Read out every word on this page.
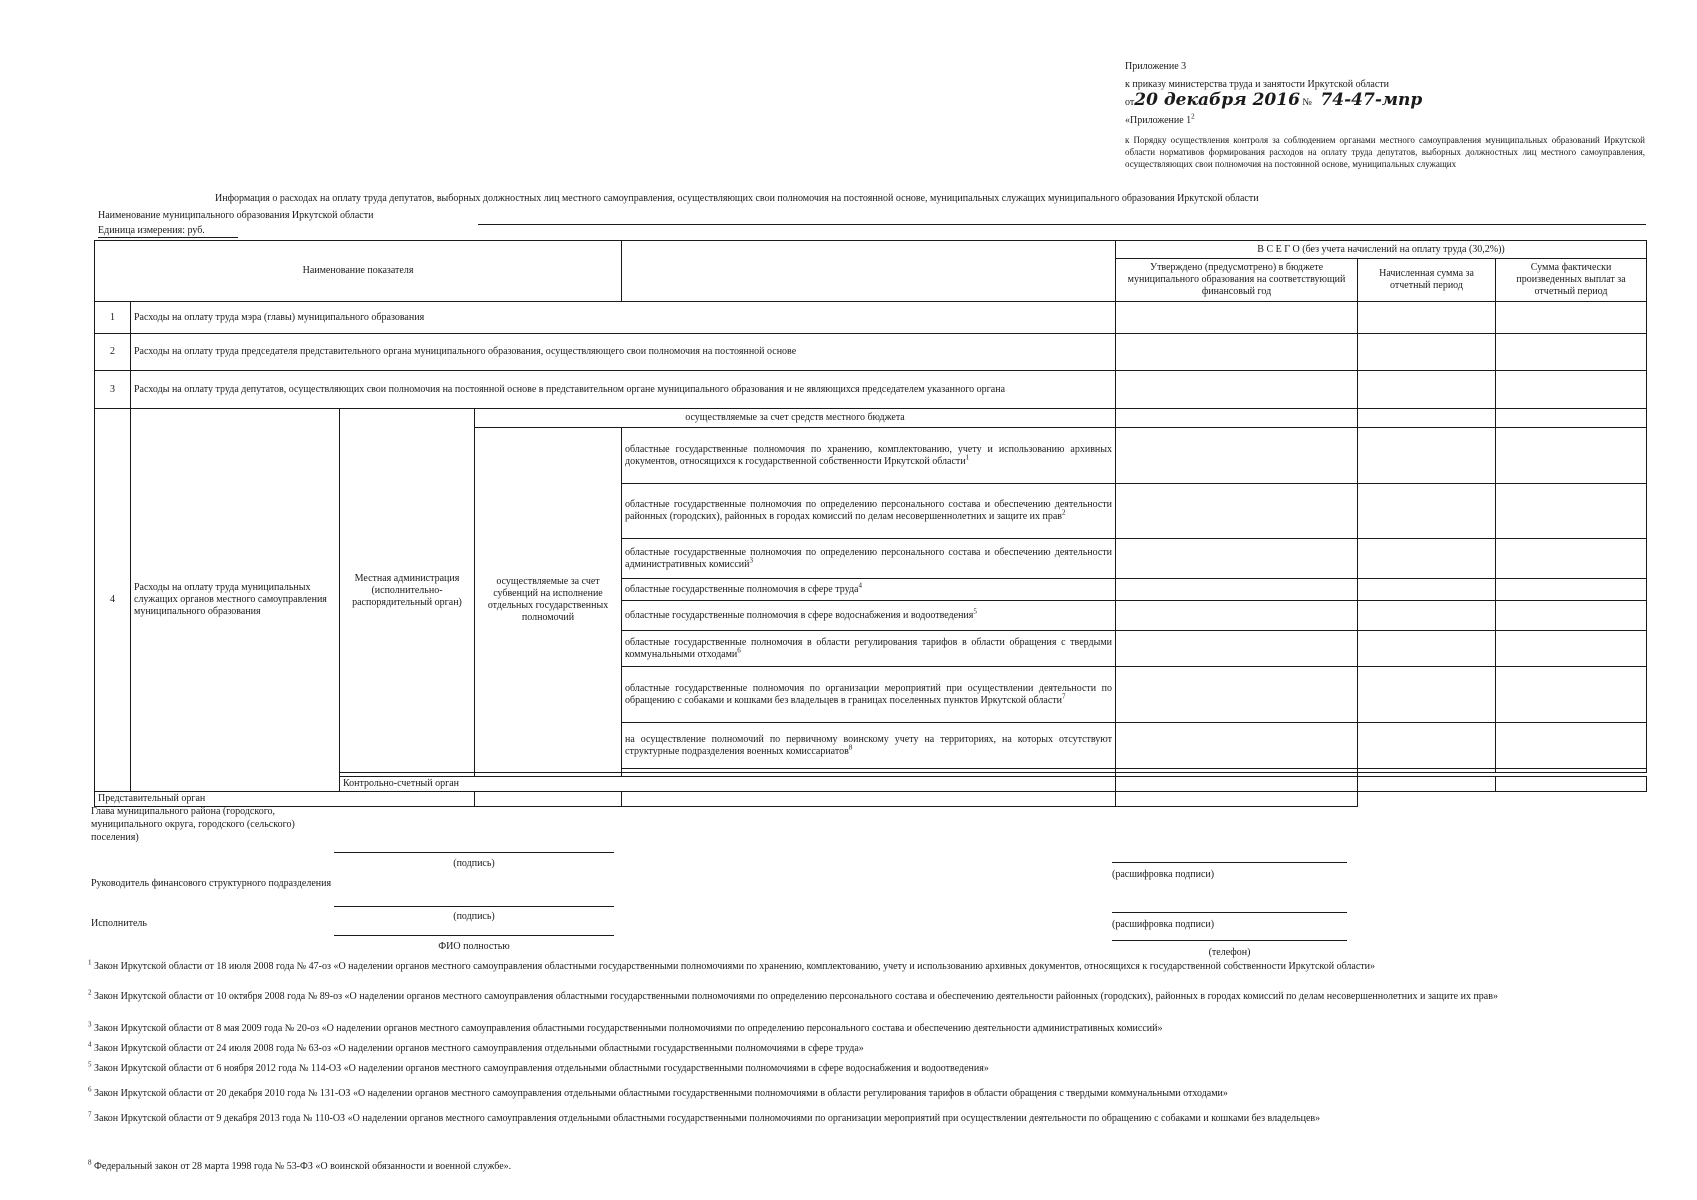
Приложение 3
к приказу министерства труда и занятости Иркутской области
от20 декабря 2016 № 74-47-мпр
«Приложение $1^2$
к Порядку осуществления контроля за соблюдением органами местного самоуправления муниципальных образований Иркутской области нормативов формирования расходов на оплату труда депутатов, выборных должностных лиц местного самоуправления, осуществляющих свои полномочия на постоянной основе, муниципальных служащих
Информация о расходах на оплату труда депутатов, выборных должностных лиц местного самоуправления, осуществляющих свои полномочия на постоянной основе, муниципальных служащих муниципального образования Иркутской области
Наименование муниципального образования Иркутской области
Единица измерения: руб.
Наименование показателя					В С Е Г О (без учета начислений на оплату труда (30,2%))		
					Утверждено (предусмотрено) в бюджете муниципального образования на соответствующий финансовый год	Начисленная сумма за отчетный период	Сумма фактически произведенных выплат за отчетный период
1	Расходы на оплату труда мэра (главы) муниципального образования						
2	Расходы на оплату труда председателя представительного органа муниципального образования, осуществляющего свои полномочия на постоянной основе						
3	Расходы на оплату труда депутатов, осуществляющих свои полномочия на постоянной основе в представительном органе муниципального образования и не являющихся председателем указанного органа						
4	Расходы на оплату труда муниципальных служащих органов местного самоуправления муниципального образования	Местная администрация (исполнительно-распорядительный орган)	осуществляемые за счет средств местного бюджета				
			осуществляемые за счет субвенций на исполнение отдельных государственных полномочий	областные государственные полномочия по хранению, комплектованию, учету и использованию архивных документов, относящихся к государственной собственности Иркутской области$^1$			
				областные государственные полномочия по определению персонального состава и обеспечению деятельности районных (городских), районных в городах комиссий по делам несовершеннолетних и защите их прав$^2$			
				областные государственные полномочия по определению персонального состава и обеспечению деятельности административных комиссий$^3$			
				областные государственные полномочия в сфере труда$^4$			
				областные государственные полномочия в сфере водоснабжения и водоотведения$^5$			
				областные государственные полномочия в области регулирования тарифов в области обращения с твердыми коммунальными отходами$^6$			
				областные государственные полномочия по организации мероприятий при осуществлении деятельности по обращению с собаками и кошками без владельцев в границах поселенных пунктов Иркутской области$^7$			
				на осуществление полномочий по первичному воинскому учету на территориях, на которых отсутствуют структурные подразделения военных комиссариатов$^8$			

		Контрольно-счетный орган					
Представительный орган							
Глава муниципального района (городского, муниципального округа, городского (сельского) поселения)
(подпись)
(расшифровка подписи)
Руководитель финансового структурного подразделения
(подпись)
(расшифровка подписи)
Исполнитель
ФИО полностью
(телефон)
$^1$ Закон Иркутской области от 18 июля 2008 года № 47-оз «О наделении органов местного самоуправления областными государственными полномочиями по хранению, комплектованию, учету и использованию архивных документов, относящихся к государственной собственности Иркутской области»
$^2$ Закон Иркутской области от 10 октября 2008 года № 89-оз «О наделении органов местного самоуправления областными государственными полномочиями по определению персонального состава и обеспечению деятельности районных (городских), районных в городах комиссий по делам несовершеннолетних и защите их прав»
$^3$ Закон Иркутской области от 8 мая 2009 года № 20-оз «О наделении органов местного самоуправления областными государственными полномочиями по определению персонального состава и обеспечению деятельности административных комиссий»
$^4$ Закон Иркутской области от 24 июля 2008 года № 63-оз «О наделении органов местного самоуправления отдельными областными государственными полномочиями в сфере труда»
$^5$ Закон Иркутской области от 6 ноября 2012 года № 114-ОЗ «О наделении органов местного самоуправления отдельными областными государственными полномочиями в сфере водоснабжения и водоотведения»
$^6$ Закон Иркутской области от 20 декабря 2010 года № 131-ОЗ «О наделении органов местного самоуправления отдельными областными государственными полномочиями в области регулирования тарифов в области обращения с твердыми коммунальными отходами»
$^7$ Закон Иркутской области от 9 декабря 2013 года № 110-ОЗ «О наделении органов местного самоуправления отдельными областными государственными полномочиями по организации мероприятий при осуществлении деятельности по обращению с собаками и кошками без владельцев»
$^8$ Федеральный закон от 28 марта 1998 года № 53-ФЗ «О воинской обязанности и военной службе».
